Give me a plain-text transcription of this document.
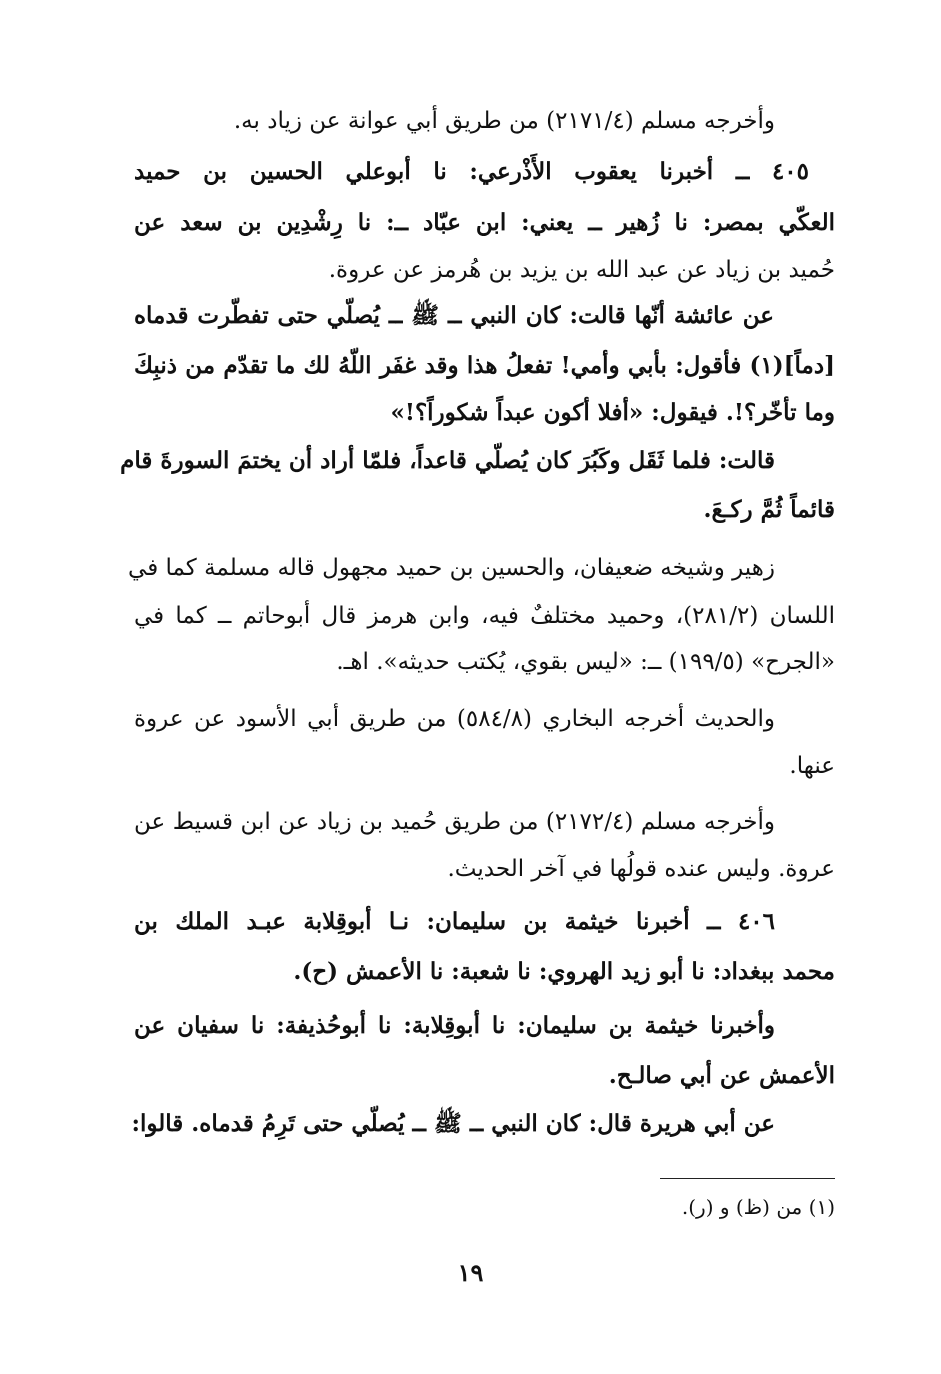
وأخرجه مسلم (٢١٧١/٤) من طريق أبي عوانة عن زياد به.
٤٠٥ ــ أخبرنا يعقوب الأَذْرعي: نا أبوعلي الحسين بن حميد
العكّي بمصر: نا زُهير ــ يعني: ابن عبّاد ــ: نا رِشْدِين بن سعد عن
حُميد بن زياد عن عبد الله بن يزيد بن هُرمز عن عروة.
عن عائشة أنّها قالت: كان النبي ــ ﷺ ــ يُصلّي حتى تفطّرت قدماه
[دماً](١) فأقول: بأبي وأمي! تفعلُ هذا وقد غفَر اللّهُ لك ما تقدّم من ذنبِكَ
وما تأخّر؟!. فيقول: «أفلا أكون عبداً شكوراً؟!»
قالت: فلما ثَقَل وكَبُرَ كان يُصلّي قاعداً، فلمّا أراد أن يختمَ السورةَ قام
قائماً ثُمَّ ركـعَ.
زهير وشيخه ضعيفان، والحسين بن حميد مجهول قاله مسلمة كما في
اللسان (٢٨١/٢)، وحميد مختلفٌ فيه، وابن هرمز قال أبوحاتم ــ كما في
«الجرح» (١٩٩/٥) ــ: «ليس بقوي، يُكتب حديثه». اهـ.
والحديث أخرجه البخاري (٥٨٤/٨) من طريق أبي الأسود عن عروة
عنها.
وأخرجه مسلم (٢١٧٢/٤) من طريق حُميد بن زياد عن ابن قسيط عن
عروة. وليس عنده قولُها في آخر الحديث.
٤٠٦ ــ أخبرنا خيثمة بن سليمان: نـا أبوقِلابة عبـد الملك بن
محمد ببغداد: نا أبو زيد الهروي: نا شعبة: نا الأعمش (ح).
وأخبرنا خيثمة بن سليمان: نا أبوقِلابة: نا أبوحُذيفة: نا سفيان عن
الأعمش عن أبي صالـح.
عن أبي هريرة قال: كان النبي ــ ﷺ ــ يُصلّي حتى تَرِمُ قدماه. قالوا:
(١) من (ظ) و (ر).
١٩
